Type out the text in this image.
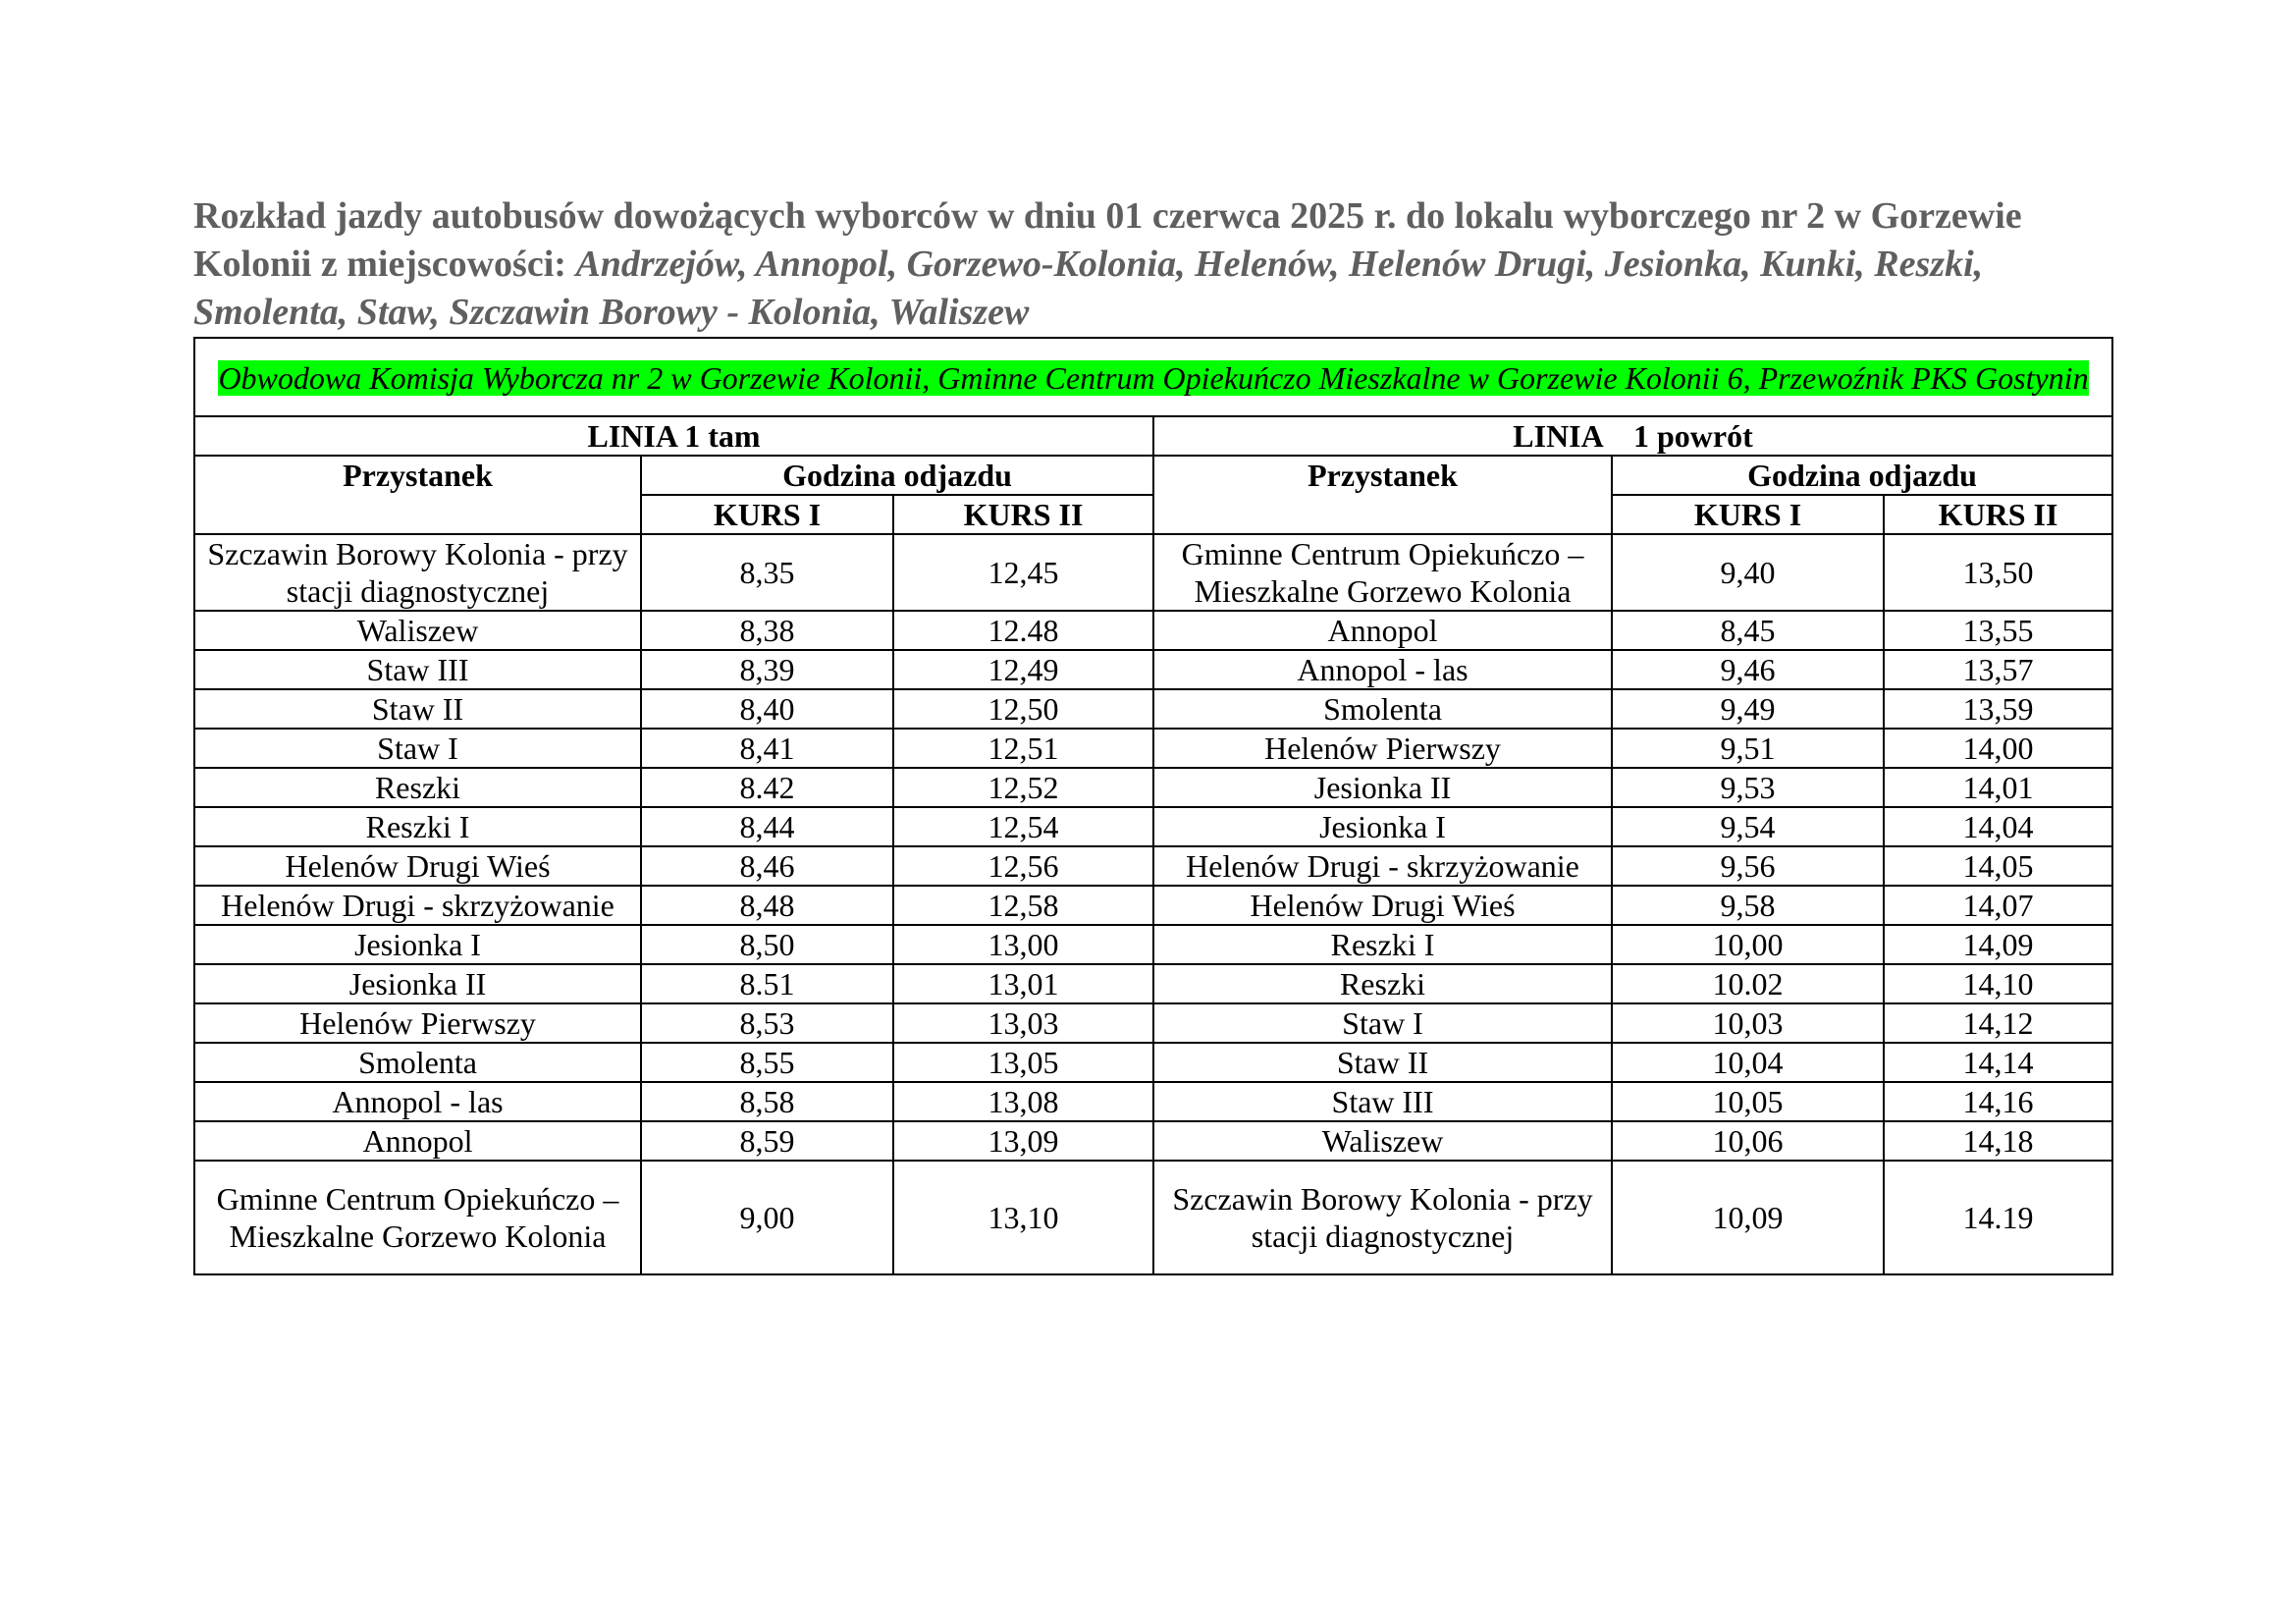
Rozkład jazdy autobusów dowożących wyborców w dniu 01 czerwca 2025 r. do lokalu wyborczego nr 2 w Gorzewie Kolonii z miejscowości: Andrzejów, Annopol, Gorzewo-Kolonia, Helenów, Helenów Drugi, Jesionka, Kunki, Reszki, Smolenta, Staw, Szczawin Borowy - Kolonia, Waliszew
Obwodowa Komisja Wyborcza nr 2 w Gorzewie Kolonii, Gminne Centrum Opiekuńczo Mieszkalne w Gorzewie Kolonii 6, Przewoźnik PKS Gostynin					
LINIA 1 tam			LINIA    1 powrót		
Przystanek	Godzina odjazdu		Przystanek	Godzina odjazdu	
	KURS I	KURS II		KURS I	KURS II
Szczawin Borowy Kolonia - przy stacji diagnostycznej	8,35	12,45	Gminne Centrum Opiekuńczo – Mieszkalne Gorzewo Kolonia	9,40	13,50
Waliszew	8,38	12.48	Annopol	8,45	13,55
Staw III	8,39	12,49	Annopol - las	9,46	13,57
Staw II	8,40	12,50	Smolenta	9,49	13,59
Staw I	8,41	12,51	Helenów Pierwszy	9,51	14,00
Reszki	8.42	12,52	Jesionka II	9,53	14,01
Reszki I	8,44	12,54	Jesionka I	9,54	14,04
Helenów Drugi Wieś	8,46	12,56	Helenów Drugi - skrzyżowanie	9,56	14,05
Helenów Drugi - skrzyżowanie	8,48	12,58	Helenów Drugi Wieś	9,58	14,07
Jesionka I	8,50	13,00	Reszki I	10,00	14,09
Jesionka II	8.51	13,01	Reszki	10.02	14,10
Helenów Pierwszy	8,53	13,03	Staw I	10,03	14,12
Smolenta	8,55	13,05	Staw II	10,04	14,14
Annopol - las	8,58	13,08	Staw III	10,05	14,16
Annopol	8,59	13,09	Waliszew	10,06	14,18
Gminne Centrum Opiekuńczo – Mieszkalne Gorzewo Kolonia	9,00	13,10	Szczawin Borowy Kolonia - przy stacji diagnostycznej	10,09	14.19
